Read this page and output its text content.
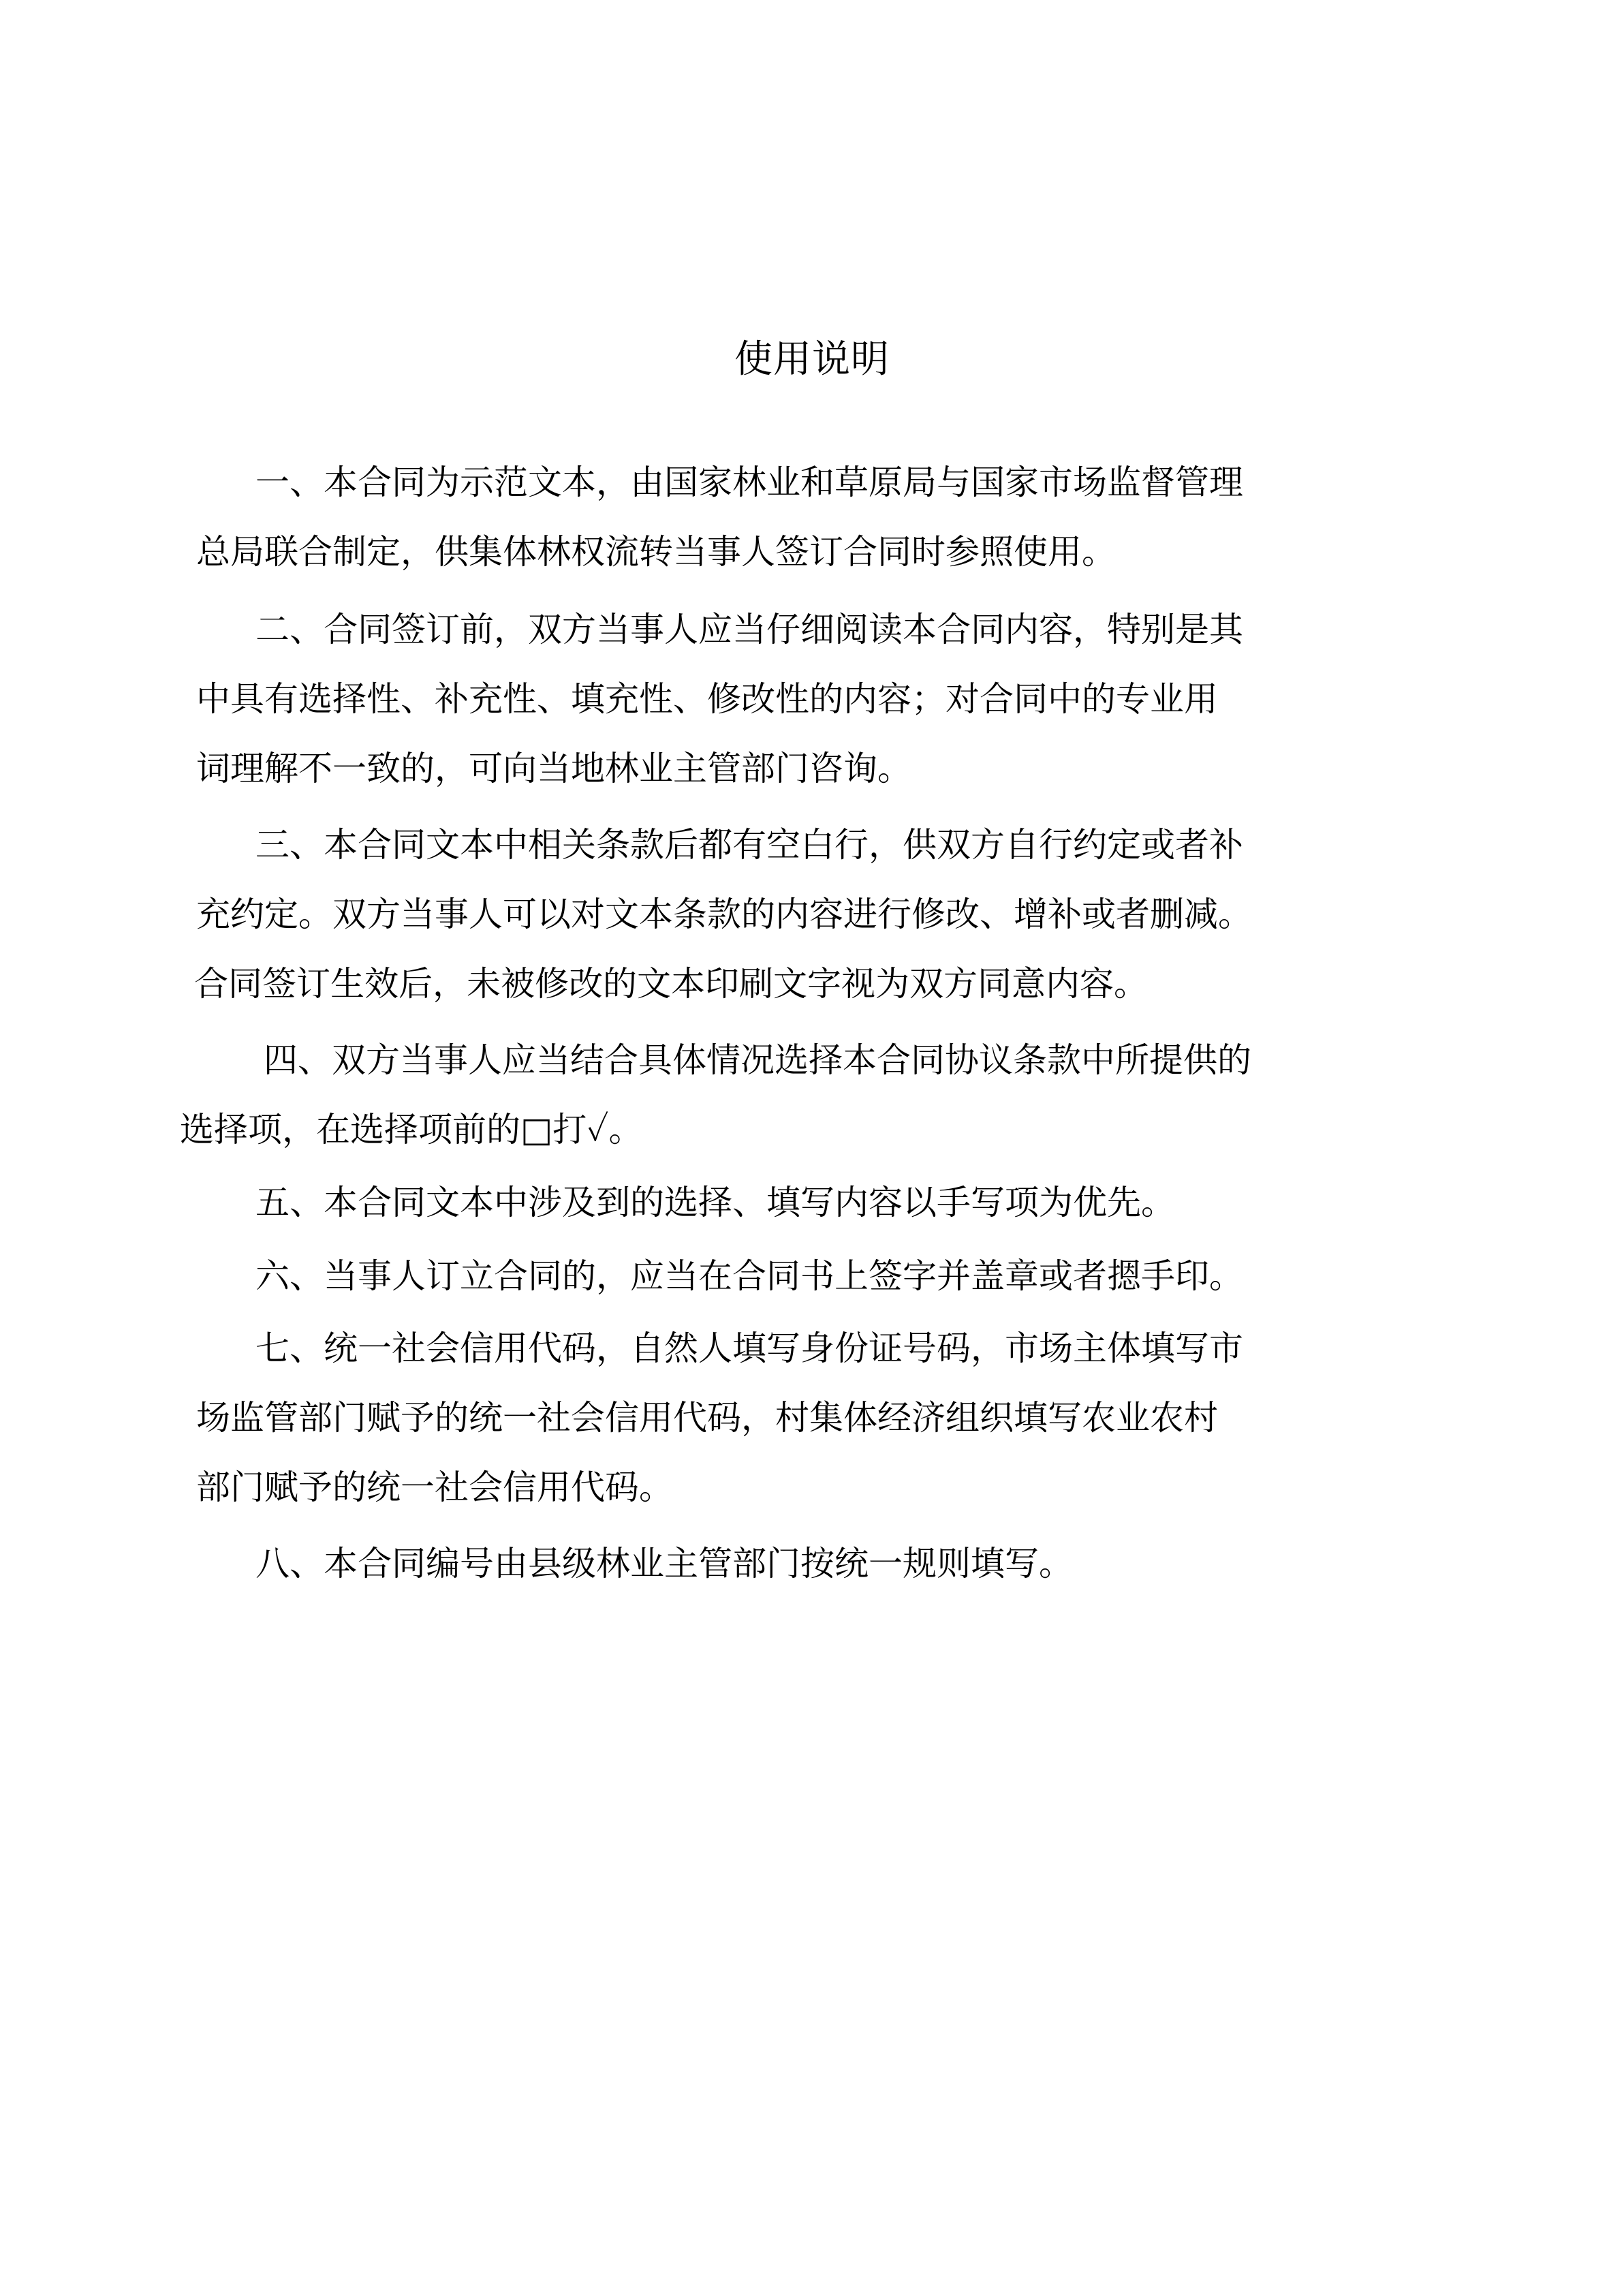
使用说明
一、本合同为示范文本，由国家林业和草原局与国家市场监督管理
总局联合制定，供集体林权流转当事人签订合同时参照使用。
二、合同签订前，双方当事人应当仔细阅读本合同内容，特别是其
中具有选择性、补充性、填充性、修改性的内容；对合同中的专业用
词理解不一致的，可向当地林业主管部门咨询。
三、本合同文本中相关条款后都有空白行，供双方自行约定或者补
充约定。双方当事人可以对文本条款的内容进行修改、增补或者删减。
合同签订生效后，未被修改的文本印刷文字视为双方同意内容。
四、双方当事人应当结合具体情况选择本合同协议条款中所提供的
选择项，在选择项前的□打✓。
五、本合同文本中涉及到的选择、填写内容以手写项为优先。
六、当事人订立合同的，应当在合同书上签字并盖章或者摁手印。
七、统一社会信用代码，自然人填写身份证号码，市场主体填写市
场监管部门赋予的统一社会信用代码，村集体经济组织填写农业农村
部门赋予的统一社会信用代码。
八、本合同编号由县级林业主管部门按统一规则填写。
